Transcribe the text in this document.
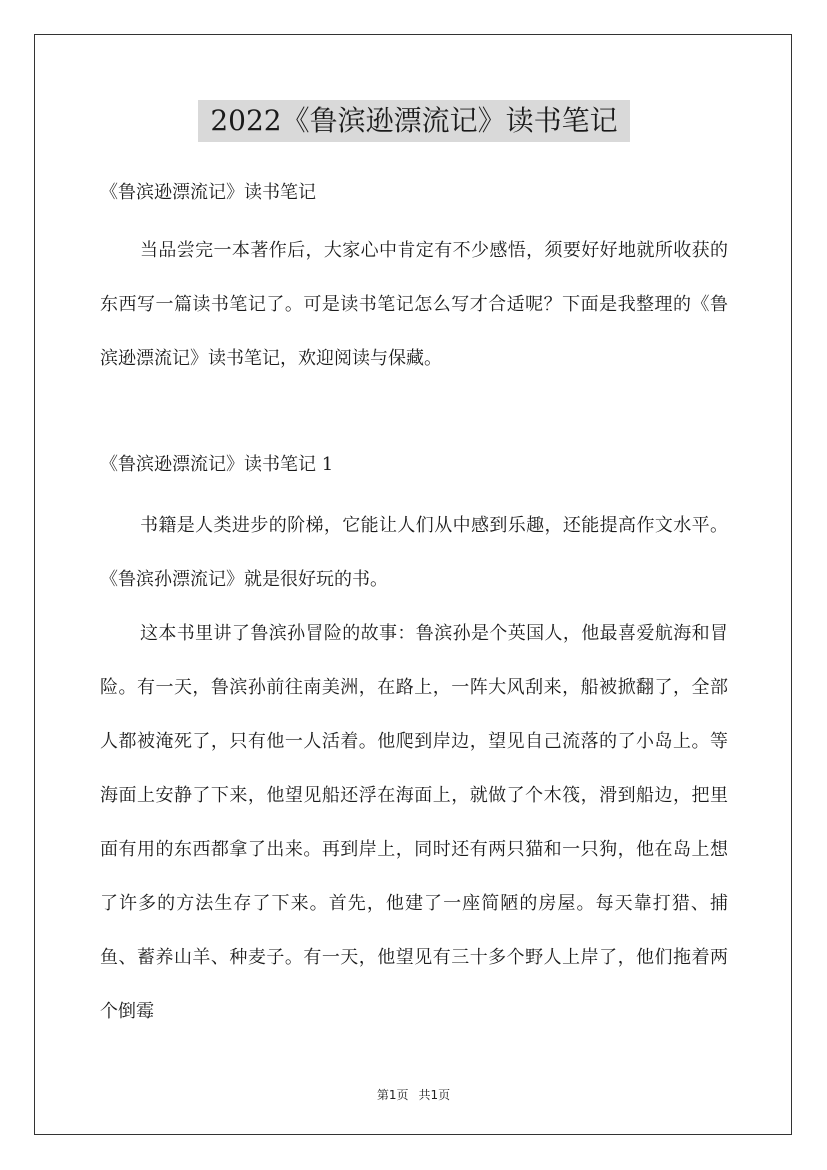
2022《鲁滨逊漂流记》读书笔记

《鲁滨逊漂流记》读书笔记

当品尝完一本著作后，大家心中肯定有不少感悟，须要好好地就所收获的东西写一篇读书笔记了。可是读书笔记怎么写才合适呢？下面是我整理的《鲁滨逊漂流记》读书笔记，欢迎阅读与保藏。

《鲁滨逊漂流记》读书笔记 1

书籍是人类进步的阶梯，它能让人们从中感到乐趣，还能提高作文水平。《鲁滨孙漂流记》就是很好玩的书。

这本书里讲了鲁滨孙冒险的故事：鲁滨孙是个英国人，他最喜爱航海和冒险。有一天，鲁滨孙前往南美洲，在路上，一阵大风刮来，船被掀翻了，全部人都被淹死了，只有他一人活着。他爬到岸边，望见自己流落的了小岛上。等海面上安静了下来，他望见船还浮在海面上，就做了个木筏，滑到船边，把里面有用的东西都拿了出来。再到岸上，同时还有两只猫和一只狗，他在岛上想了许多的方法生存了下来。首先，他建了一座简陋的房屋。每天靠打猎、捕鱼、蓄养山羊、种麦子。有一天，他望见有三十多个野人上岸了，他们拖着两个倒霉

第1页 共1页
